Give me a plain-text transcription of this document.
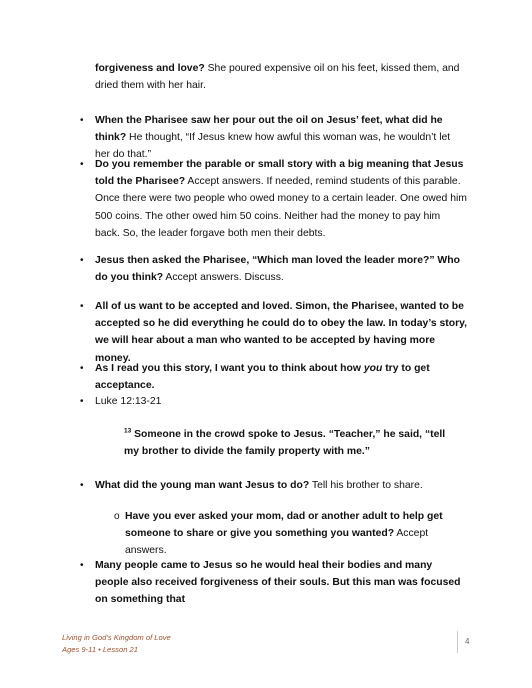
forgiveness and love? She poured expensive oil on his feet, kissed them, and dried them with her hair.

•

When the Pharisee saw her pour out the oil on Jesus’ feet, what did he think? He thought, “If Jesus knew how awful this woman was, he wouldn’t let her do that.”

•

Do you remember the parable or small story with a big meaning that Jesus told the Pharisee? Accept answers. If needed, remind students of this parable. Once there were two people who owed money to a certain leader. One owed him 500 coins. The other owed him 50 coins. Neither had the money to pay him back. So, the leader forgave both men their debts.

•

Jesus then asked the Pharisee, “Which man loved the leader more?” Who do you think? Accept answers. Discuss.

•

All of us want to be accepted and loved. Simon, the Pharisee, wanted to be accepted so he did everything he could do to obey the law. In today’s story, we will hear about a man who wanted to be accepted by having more money.

•

As I read you this story, I want you to think about how you try to get acceptance.

•

Luke 12:13-21

$^{13}$ Someone in the crowd spoke to Jesus. “Teacher,” he said, “tell my brother to divide the family property with me.”

•

What did the young man want Jesus to do? Tell his brother to share.

o

Have you ever asked your mom, dad or another adult to help get someone to share or give you something you wanted? Accept answers.

•

Many people came to Jesus so he would heal their bodies and many people also received forgiveness of their souls. But this man was focused on something that

Living in God’s Kingdom of Love
Ages 9-11 • Lesson 21
4
